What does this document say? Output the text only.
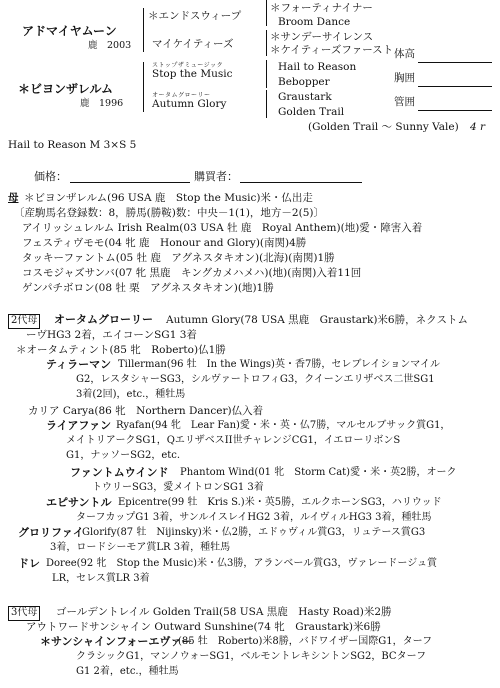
アドマイヤムーン
鹿　2003
＊ビヨンザレルム
鹿　1996
＊エンドスウィープ
マイケイティーズ
ストップザミュージック
Stop the Music
オータムグローリー
Autumn Glory
＊フォーティナイナー
Broom Dance
＊サンデーサイレンス
＊ケイティーズファースト
Hail to Reason
Bebopper
Graustark
Golden Trail
(Golden Trail ～ Sunny Vale) 4 r
体高
胸囲
管囲
Hail to Reason M 3×S 5
価格：	購買者：
母 ＊ビヨンザレルム(96 USA 鹿　Stop the Music)米・仏出走
〔産駒馬名登録数：8，勝馬(勝鞍)数：中央－1(1)，地方－2(5)〕
アイリッシュレルム Irish Realm(03 USA 牡 鹿　Royal Anthem)(地)愛・障害入着
フェスティヴモモ(04 牝 鹿　Honour and Glory)(南関)4勝
タッキーファントム(05 牡 鹿　アグネスタキオン)(北海)(南関)1勝
コスモジャズサンバ(07 牝 黒鹿　キングカメハメハ)(地)(南関)入着11回
ゲンパチボロン(08 牡 栗　アグネスタキオン)(地)1勝
2代母 オータムグローリー Autumn Glory(78 USA 黒鹿　Graustark)米6勝，ネクストム
ーヴHG3 2着，エイコーンSG1 3着
＊オータムティント(85 牝　Roberto)仏1勝
ティラーマン Tillerman(96 牡　In the Wings)英・香7勝，セレブレイションマイル
G2，レスタシャーSG3，シルヴァートロフィG3，クイーンエリザベス二世SG1
3着(2回)，etc.，種牡馬
カリア Carya(86 牝　Northern Dancer)仏入着
ライアファン Ryafan(94 牝　Lear Fan)愛・米・英・仏7勝，マルセルブサック賞G1，
メイトリアークSG1，QエリザベスII世チャレンジCG1，イエローリボンS
G1，ナッソーSG2，etc.
ファントムウインド Phantom Wind(01 牝　Storm Cat)愛・米・英2勝，オーク
トウリーSG3，愛メイトロンSG1 3着
エピサントル Epicentre(99 牡　Kris S.)米・英5勝，エルクホーンSG3，ハリウッド
ターフカップG1 3着，サンルイスレイHG2 3着，ルイヴィルHG3 3着，種牡馬
グロリファイ
Glorify(87 牡　Nijinsky)米・仏2勝，エドゥヴィル賞G3，リュテース賞G3
3着，ロードシーモア賞LR 3着，種牡馬
ドレ Doree(92 牝　Stop the Music)米・仏3勝，アランベール賞G3，ヴァレードージュ賞
LR，セレス賞LR 3着
3代母 ゴールデントレイル Golden Trail(58 USA 黒鹿　Hasty Road)米2勝
アウトワードサンシャイン Outward Sunshine(74 牝　Graustark)米6勝
＊サンシャインフォーエヴァー
(85 牡　Roberto)米8勝，バドワイザー国際G1，ターフ
クラシックG1，マンノウォーSG1，ベルモントレキシントンSG2，BCターフ
G1 2着，etc.，種牡馬
